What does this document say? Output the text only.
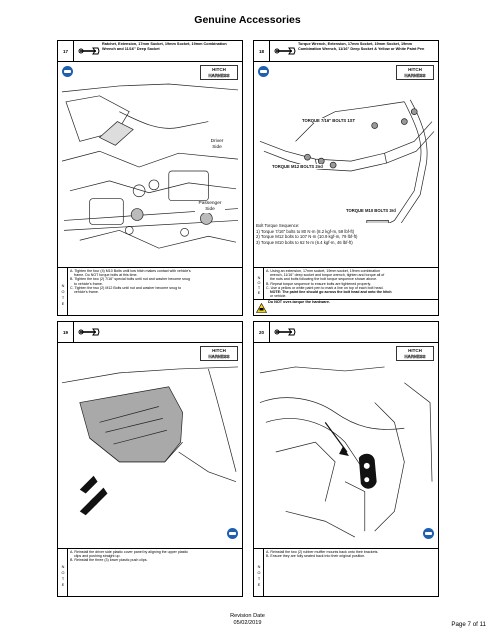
Genuine Accessories
17
Ratchet, Extension, 17mm Socket, 19mm Socket, 19mm Combination Wrench and 11/16" Deep Socket
HITCH
HARNESS
Driver Side
Passenger Side
N
O
T
E
A. Tighten the four (4) M10 Bolts until tow hitch makes contact with vehicle's
frame. Do NOT torque bolts at this time.
B. Tighten the two (2) 7/16" special bolts until nut and washer become snug
to vehicle's frame.
C. Tighten the two (2) M12 Bolts until nut and washer become snug to
vehicle's frame.
18
Torque Wrench, Extension, 17mm Socket, 19mm Socket, 19mm Combination Wrench, 11/16" Deep Socket & Yellow or White Paint Pen
HITCH
HARNESS
TORQUE 7/16" BOLTS 1ST
TORQUE M12 BOLTS 2nd
TORQUE M10 BOLTS 3rd
Bolt Torque Sequence:
1) Torque 7/16" bolts to 80 N·m (8.2 kgf-m, 59 lbf-ft)
2) Torque M12 bolts to 107 N·m (10.9 kgf-m, 79 lbf-ft)
3) Torque M10 bolts to 62 N·m (6.4 kgf-m, 46 lbf-ft)
N
O
T
E
A. Using an extension, 17mm socket, 19mm socket, 19mm combination
wrench, 11/16" deep socket and torque wrench, tighten and torque all of
the nuts and bolts following the bolt torque sequence shown above.
B. Repeat torque sequence to ensure bolts are tightened properly.
C. Use a yellow or white paint pen to mark a line on top of each bolt head.
NOTE: The paint line should go across the bolt head and onto the hitch
or vehicle.
Do NOT over-torque the hardware.
19
HITCH
HARNESS
N
O
T
E
A. Reinstall the driver side plastic cover panel by aligning the upper plastic
clips and pushing straight up.
B. Reinstall the three (3) lower plastic push clips.
20
HITCH
HARNESS
N
O
T
E
A. Reinstall the two (2) rubber muffler mounts back onto their brackets.
B. Ensure they are fully seated back into their original position.
Revision Date
05/02/2019	Page 7 of 11
